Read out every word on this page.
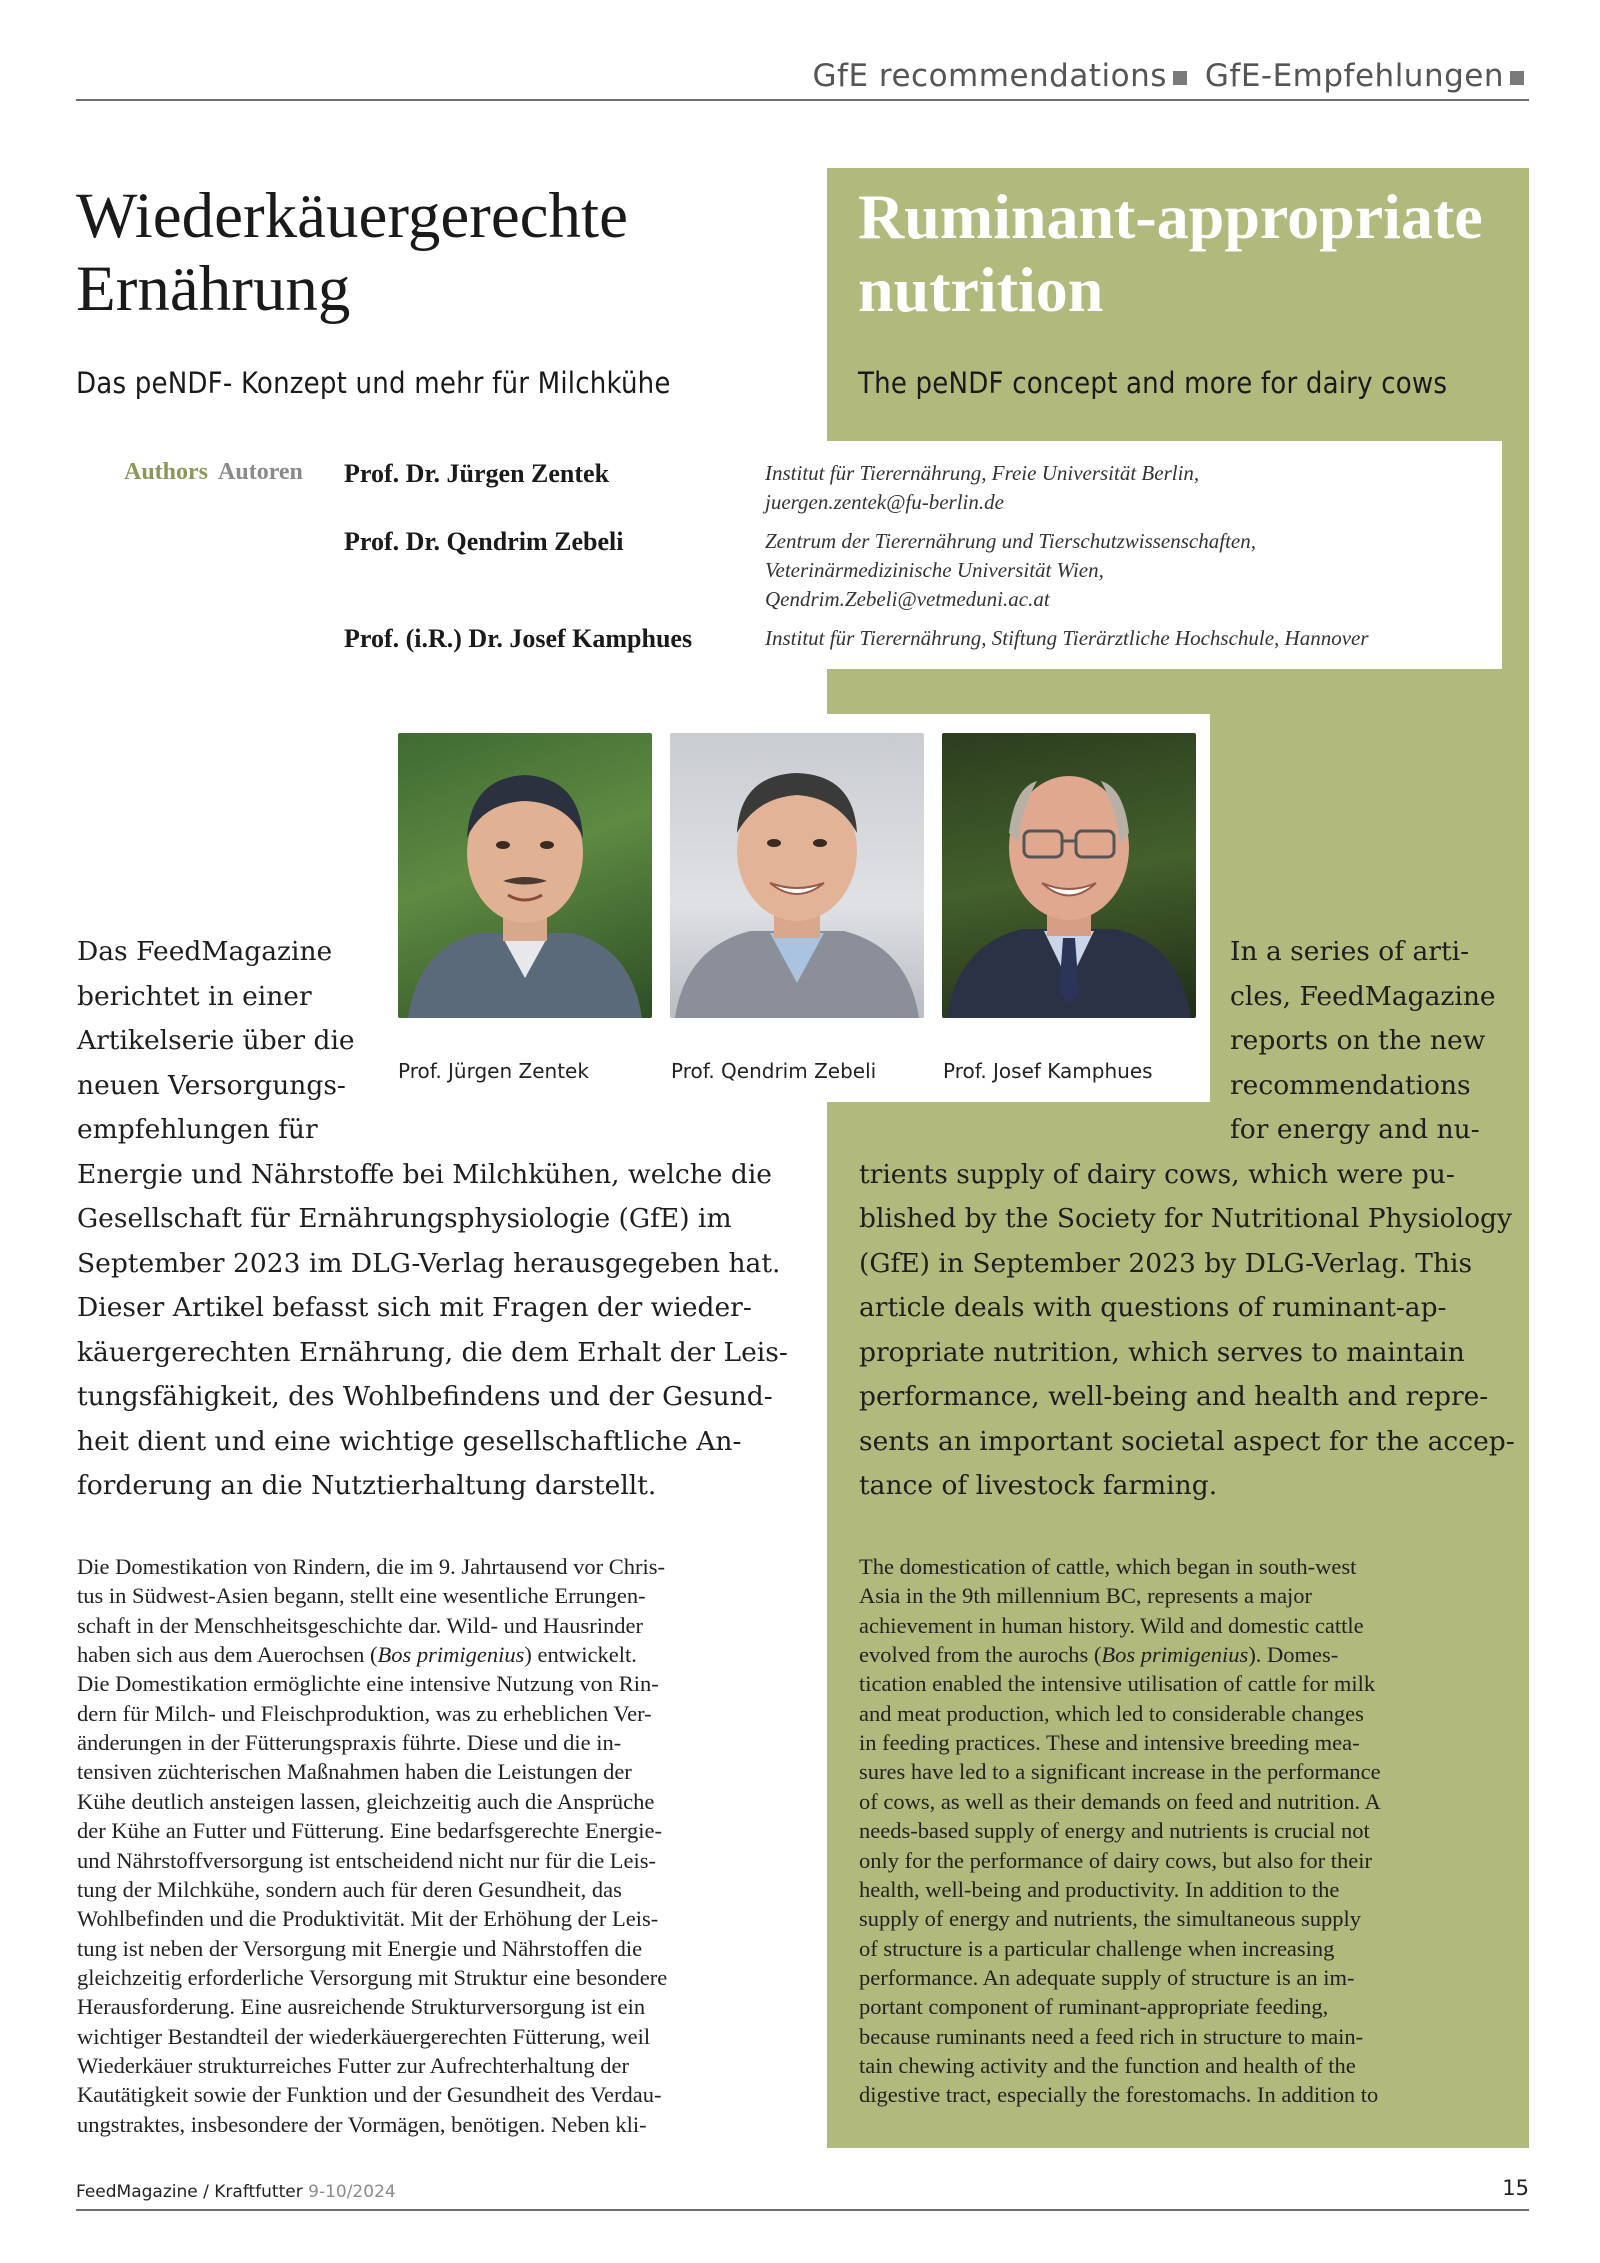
GfE recommendations GfE-Empfehlungen
Wiederkäuergerechte
Ernährung
Ruminant-appropriate
nutrition
Das peNDF- Konzept und mehr für Milchkühe	The peNDF concept and more for dairy cows
Authors Autoren Prof. Dr. Jürgen Zentek	Institut für Tierernährung, Freie Universität Berlin,
juergen.zentek@fu-berlin.de
Prof. Dr. Qendrim Zebeli	Zentrum der Tierernährung und Tierschutzwissenschaften,
Veterinärmedizinische Universität Wien,
Qendrim.Zebeli@vetmeduni.ac.at
Prof. (i.R.) Dr. Josef Kamphues	Institut für Tierernährung, Stiftung Tierärztliche Hochschule, Hannover
Prof. Jürgen Zentek	Prof. Qendrim Zebeli	Prof. Josef Kamphues
Das FeedMagazine
berichtet in einer
Artikelserie über die
neuen Versorgungs-
empfehlungen für
Energie und Nährstoffe bei Milchkühen, welche die
Gesellschaft für Ernährungsphysiologie (GfE) im
September 2023 im DLG-Verlag herausgegeben hat.
Dieser Artikel befasst sich mit Fragen der wieder-
käuergerechten Ernährung, die dem Erhalt der Leis-
tungsfähigkeit, des Wohlbefindens und der Gesund-
heit dient und eine wichtige gesellschaftliche An-
forderung an die Nutztierhaltung darstellt.
In a series of arti-
cles, FeedMagazine
reports on the new
recommendations
for energy and nu-
trients supply of dairy cows, which were pu-
blished by the Society for Nutritional Physiology
(GfE) in September 2023 by DLG-Verlag. This
article deals with questions of ruminant-ap-
propriate nutrition, which serves to maintain
performance, well-being and health and repre-
sents an important societal aspect for the accep-
tance of livestock farming.
Die Domestikation von Rindern, die im 9. Jahrtausend vor Chris-
tus in Südwest-Asien begann, stellt eine wesentliche Errungen-
schaft in der Menschheitsgeschichte dar. Wild- und Hausrinder
haben sich aus dem Auerochsen (Bos primigenius) entwickelt.
Die Domestikation ermöglichte eine intensive Nutzung von Rin-
dern für Milch- und Fleischproduktion, was zu erheblichen Ver-
änderungen in der Fütterungspraxis führte. Diese und die in-
tensiven züchterischen Maßnahmen haben die Leistungen der
Kühe deutlich ansteigen lassen, gleichzeitig auch die Ansprüche
der Kühe an Futter und Fütterung. Eine bedarfsgerechte Energie-
und Nährstoffversorgung ist entscheidend nicht nur für die Leis-
tung der Milchkühe, sondern auch für deren Gesundheit, das
Wohlbefinden und die Produktivität. Mit der Erhöhung der Leis-
tung ist neben der Versorgung mit Energie und Nährstoffen die
gleichzeitig erforderliche Versorgung mit Struktur eine besondere
Herausforderung. Eine ausreichende Strukturversorgung ist ein
wichtiger Bestandteil der wiederkäuergerechten Fütterung, weil
Wiederkäuer strukturreiches Futter zur Aufrechterhaltung der
Kautätigkeit sowie der Funktion und der Gesundheit des Verdau-
ungstraktes, insbesondere der Vormägen, benötigen. Neben kli-
The domestication of cattle, which began in south-west
Asia in the 9th millennium BC, represents a major
achievement in human history. Wild and domestic cattle
evolved from the aurochs (Bos primigenius). Domes-
tication enabled the intensive utilisation of cattle for milk
and meat production, which led to considerable changes
in feeding practices. These and intensive breeding mea-
sures have led to a significant increase in the performance
of cows, as well as their demands on feed and nutrition. A
needs-based supply of energy and nutrients is crucial not
only for the performance of dairy cows, but also for their
health, well-being and productivity. In addition to the
supply of energy and nutrients, the simultaneous supply
of structure is a particular challenge when increasing
performance. An adequate supply of structure is an im-
portant component of ruminant-appropriate feeding,
because ruminants need a feed rich in structure to main-
tain chewing activity and the function and health of the
digestive tract, especially the forestomachs. In addition to
FeedMagazine / Kraftfutter 9-10/2024	15
